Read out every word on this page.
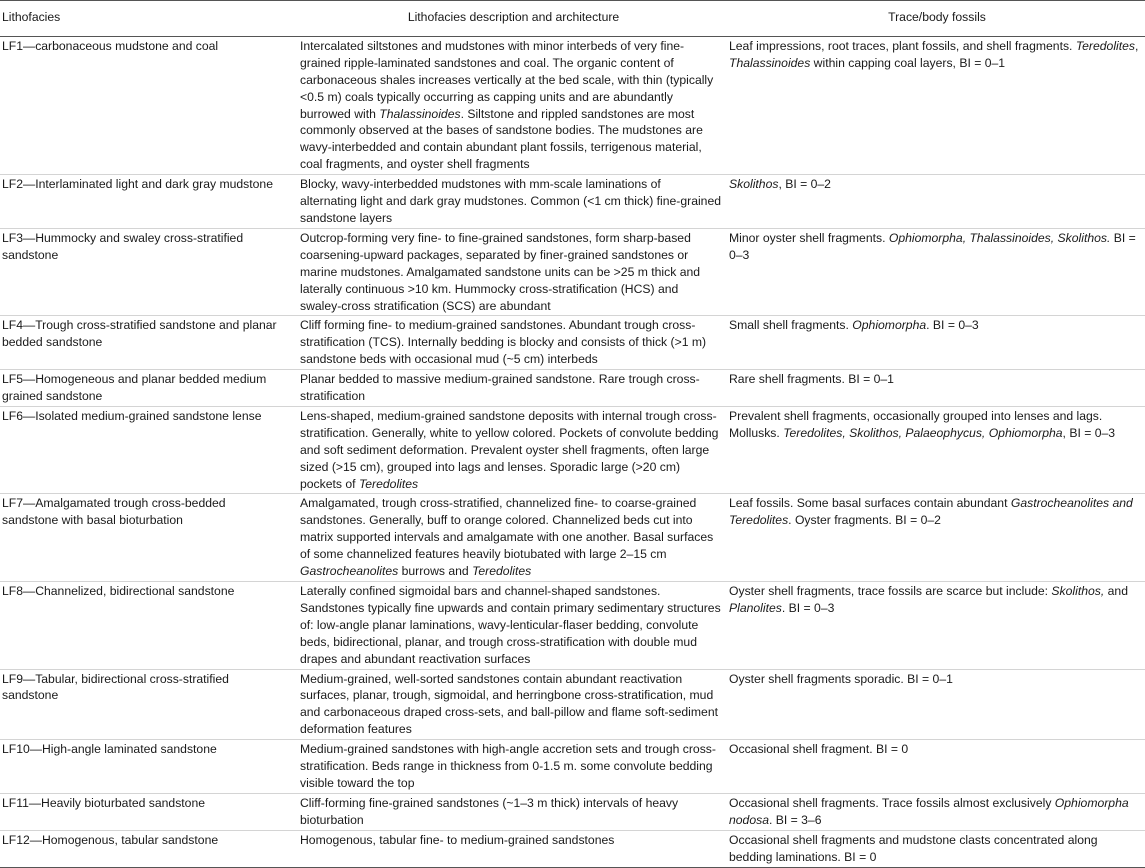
Lithofacies	Lithofacies description and architecture	Trace/body fossils
LF1—carbonaceous mudstone and coal	Intercalated siltstones and mudstones with minor interbeds of very fine-grained ripple-laminated sandstones and coal. The organic content of carbonaceous shales increases vertically at the bed scale, with thin (typically <0.5 m) coals typically occurring as capping units and are abundantly burrowed with Thalassinoides. Siltstone and rippled sandstones are most commonly observed at the bases of sandstone bodies. The mudstones are wavy-interbedded and contain abundant plant fossils, terrigenous material, coal fragments, and oyster shell fragments	Leaf impressions, root traces, plant fossils, and shell fragments. Teredolites, Thalassinoides within capping coal layers, BI = 0–1
LF2—Interlaminated light and dark gray mudstone	Blocky, wavy-interbedded mudstones with mm-scale laminations of alternating light and dark gray mudstones. Common (<1 cm thick) fine-grained sandstone layers	Skolithos, BI = 0–2
LF3—Hummocky and swaley cross-stratified sandstone	Outcrop-forming very fine- to fine-grained sandstones, form sharp-based coarsening-upward packages, separated by finer-grained sandstones or marine mudstones. Amalgamated sandstone units can be >25 m thick and laterally continuous >10 km. Hummocky cross-stratification (HCS) and swaley-cross stratification (SCS) are abundant	Minor oyster shell fragments. Ophiomorpha, Thalassinoides, Skolithos. BI = 0–3
LF4—Trough cross-stratified sandstone and planar bedded sandstone	Cliff forming fine- to medium-grained sandstones. Abundant trough cross-stratification (TCS). Internally bedding is blocky and consists of thick (>1 m) sandstone beds with occasional mud (~5 cm) interbeds	Small shell fragments. Ophiomorpha. BI = 0–3
LF5—Homogeneous and planar bedded medium grained sandstone	Planar bedded to massive medium-grained sandstone. Rare trough cross-stratification	Rare shell fragments. BI = 0–1
LF6—Isolated medium-grained sandstone lense	Lens-shaped, medium-grained sandstone deposits with internal trough cross-stratification. Generally, white to yellow colored. Pockets of convolute bedding and soft sediment deformation. Prevalent oyster shell fragments, often large sized (>15 cm), grouped into lags and lenses. Sporadic large (>20 cm) pockets of Teredolites	Prevalent shell fragments, occasionally grouped into lenses and lags. Mollusks. Teredolites, Skolithos, Palaeophycus, Ophiomorpha, BI = 0–3
LF7—Amalgamated trough cross-bedded sandstone with basal bioturbation	Amalgamated, trough cross-stratified, channelized fine- to coarse-grained sandstones. Generally, buff to orange colored. Channelized beds cut into matrix supported intervals and amalgamate with one another. Basal surfaces of some channelized features heavily biotubated with large 2–15 cm Gastrocheanolites burrows and Teredolites	Leaf fossils. Some basal surfaces contain abundant Gastrocheanolites and Teredolites. Oyster fragments. BI = 0–2
LF8—Channelized, bidirectional sandstone	Laterally confined sigmoidal bars and channel-shaped sandstones. Sandstones typically fine upwards and contain primary sedimentary structures of: low-angle planar laminations, wavy-lenticular-flaser bedding, convolute beds, bidirectional, planar, and trough cross-stratification with double mud drapes and abundant reactivation surfaces	Oyster shell fragments, trace fossils are scarce but include: Skolithos, and Planolites. BI = 0–3
LF9—Tabular, bidirectional cross-stratified sandstone	Medium-grained, well-sorted sandstones contain abundant reactivation surfaces, planar, trough, sigmoidal, and herringbone cross-stratification, mud and carbonaceous draped cross-sets, and ball-pillow and flame soft-sediment deformation features	Oyster shell fragments sporadic. BI = 0–1
LF10—High-angle laminated sandstone	Medium-grained sandstones with high-angle accretion sets and trough cross-stratification. Beds range in thickness from 0-1.5 m. some convolute bedding visible toward the top	Occasional shell fragment. BI = 0
LF11—Heavily bioturbated sandstone	Cliff-forming fine-grained sandstones (~1–3 m thick) intervals of heavy bioturbation	Occasional shell fragments. Trace fossils almost exclusively Ophiomorpha nodosa. BI = 3–6
LF12—Homogenous, tabular sandstone	Homogenous, tabular fine- to medium-grained sandstones	Occasional shell fragments and mudstone clasts concentrated along bedding laminations. BI = 0
